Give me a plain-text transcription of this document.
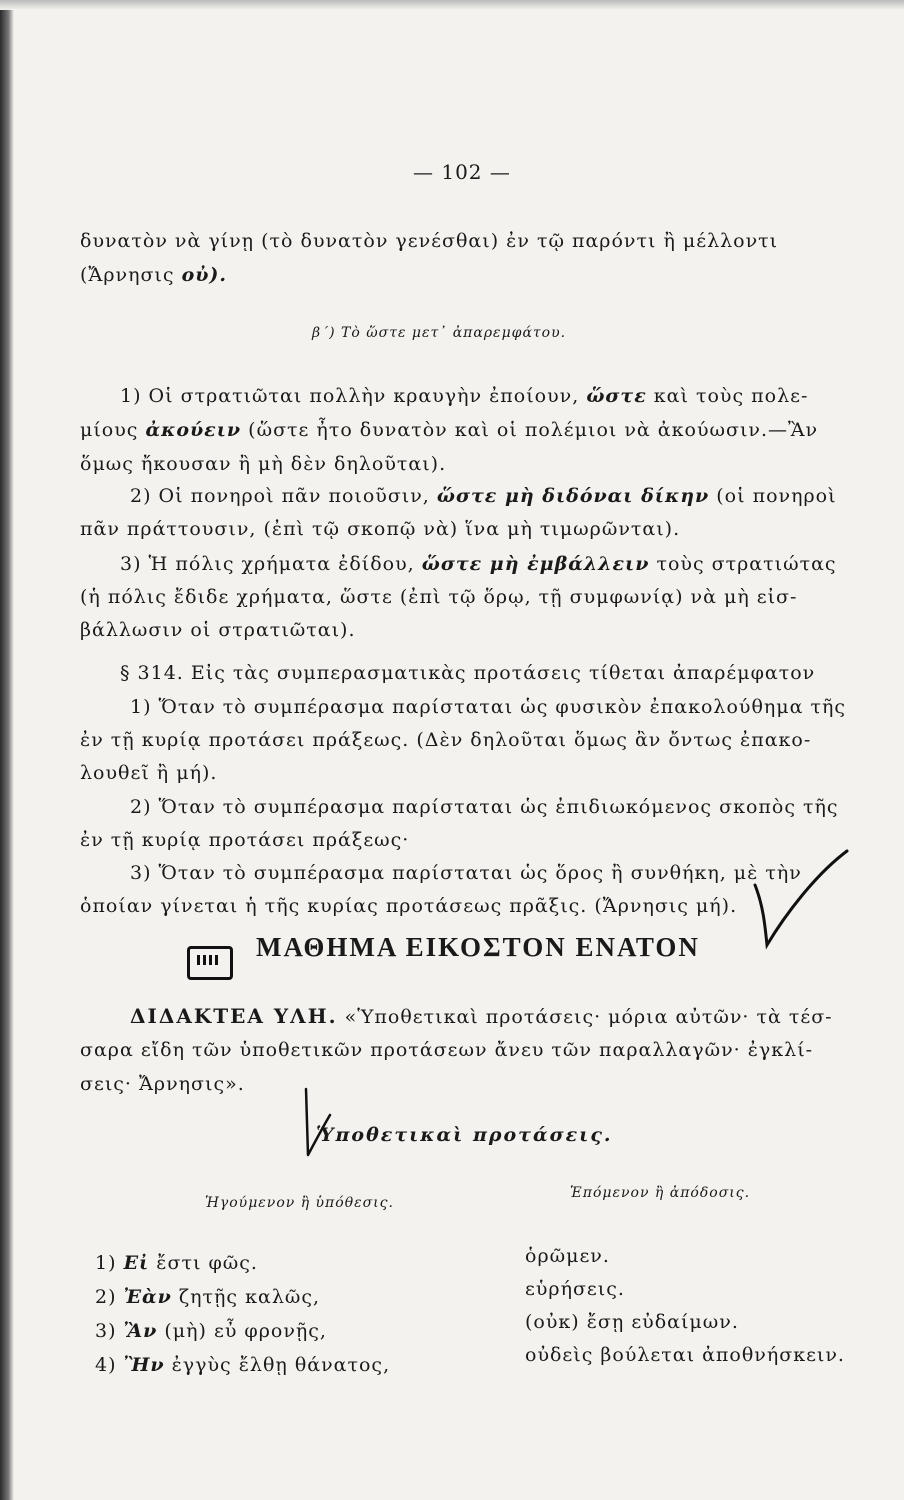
— 102 —
δυνατὸν νὰ γίνῃ (τὸ δυνατὸν γενέσθαι) ἐν τῷ παρόντι ἢ μέλλοντι
(Ἄρνησις οὐ).
β΄) Τὸ ὥστε μετ᾽ ἀπαρεμφάτου.
1) Οἱ στρατιῶται πολλὴν κραυγὴν ἐποίουν, ὥστε καὶ τοὺς πολε-
μίους ἀκούειν (ὥστε ἦτο δυνατὸν καὶ οἱ πολέμιοι νὰ ἀκούωσιν.—Ἂν
ὅμως ἤκουσαν ἢ μὴ δὲν δηλοῦται).
2) Οἱ πονηροὶ πᾶν ποιοῦσιν, ὥστε μὴ διδόναι δίκην (οἱ πονηροὶ
πᾶν πράττουσιν, (ἐπὶ τῷ σκοπῷ νὰ) ἵνα μὴ τιμωρῶνται).
3) Ἡ πόλις χρήματα ἐδίδου, ὥστε μὴ ἐμβάλλειν τοὺς στρατιώτας
(ἡ πόλις ἔδιδε χρήματα, ὥστε (ἐπὶ τῷ ὅρῳ, τῇ συμφωνίᾳ) νὰ μὴ εἰσ-
βάλλωσιν οἱ στρατιῶται).
§ 314. Εἰς τὰς συμπερασματικὰς προτάσεις τίθεται ἀπαρέμφατον
1) Ὅταν τὸ συμπέρασμα παρίσταται ὡς φυσικὸν ἐπακολούθημα τῆς
ἐν τῇ κυρίᾳ προτάσει πράξεως. (Δὲν δηλοῦται ὅμως ἂν ὄντως ἐπακο-
λουθεῖ ἢ μή).
2) Ὅταν τὸ συμπέρασμα παρίσταται ὡς ἐπιδιωκόμενος σκοπὸς τῆς
ἐν τῇ κυρίᾳ προτάσει πράξεως·
3) Ὅταν τὸ συμπέρασμα παρίσταται ὡς ὅρος ἢ συνθήκη, μὲ τὴν
ὁποίαν γίνεται ἡ τῆς κυρίας προτάσεως πρᾶξις. (Ἄρνησις μή).
ΜΑΘΗΜΑ ΕΙΚΟΣΤΟΝ ΕΝΑΤΟΝ
ΔΙΔΑΚΤΕΑ ΥΛΗ. «Ὑποθετικαὶ προτάσεις· μόρια αὐτῶν· τὰ τέσ-
σαρα εἴδη τῶν ὑποθετικῶν προτάσεων ἄνευ τῶν παραλλαγῶν· ἐγκλί-
σεις· Ἄρνησις».
Ὑποθετικαὶ προτάσεις.
Ἡγούμενον ἢ ὑπόθεσις.
Ἑπόμενον ἢ ἀπόδοσις.
1) Εἰ ἔστι φῶς.	ὁρῶμεν.
2) Ἐὰν ζητῇς καλῶς,	εὑρήσεις.
3) Ἂν (μὴ) εὖ φρονῇς,	(οὐκ) ἔσῃ εὐδαίμων.
4) Ἢν ἐγγὺς ἔλθῃ θάνατος,	οὐδεὶς βούλεται ἀποθνήσκειν.
